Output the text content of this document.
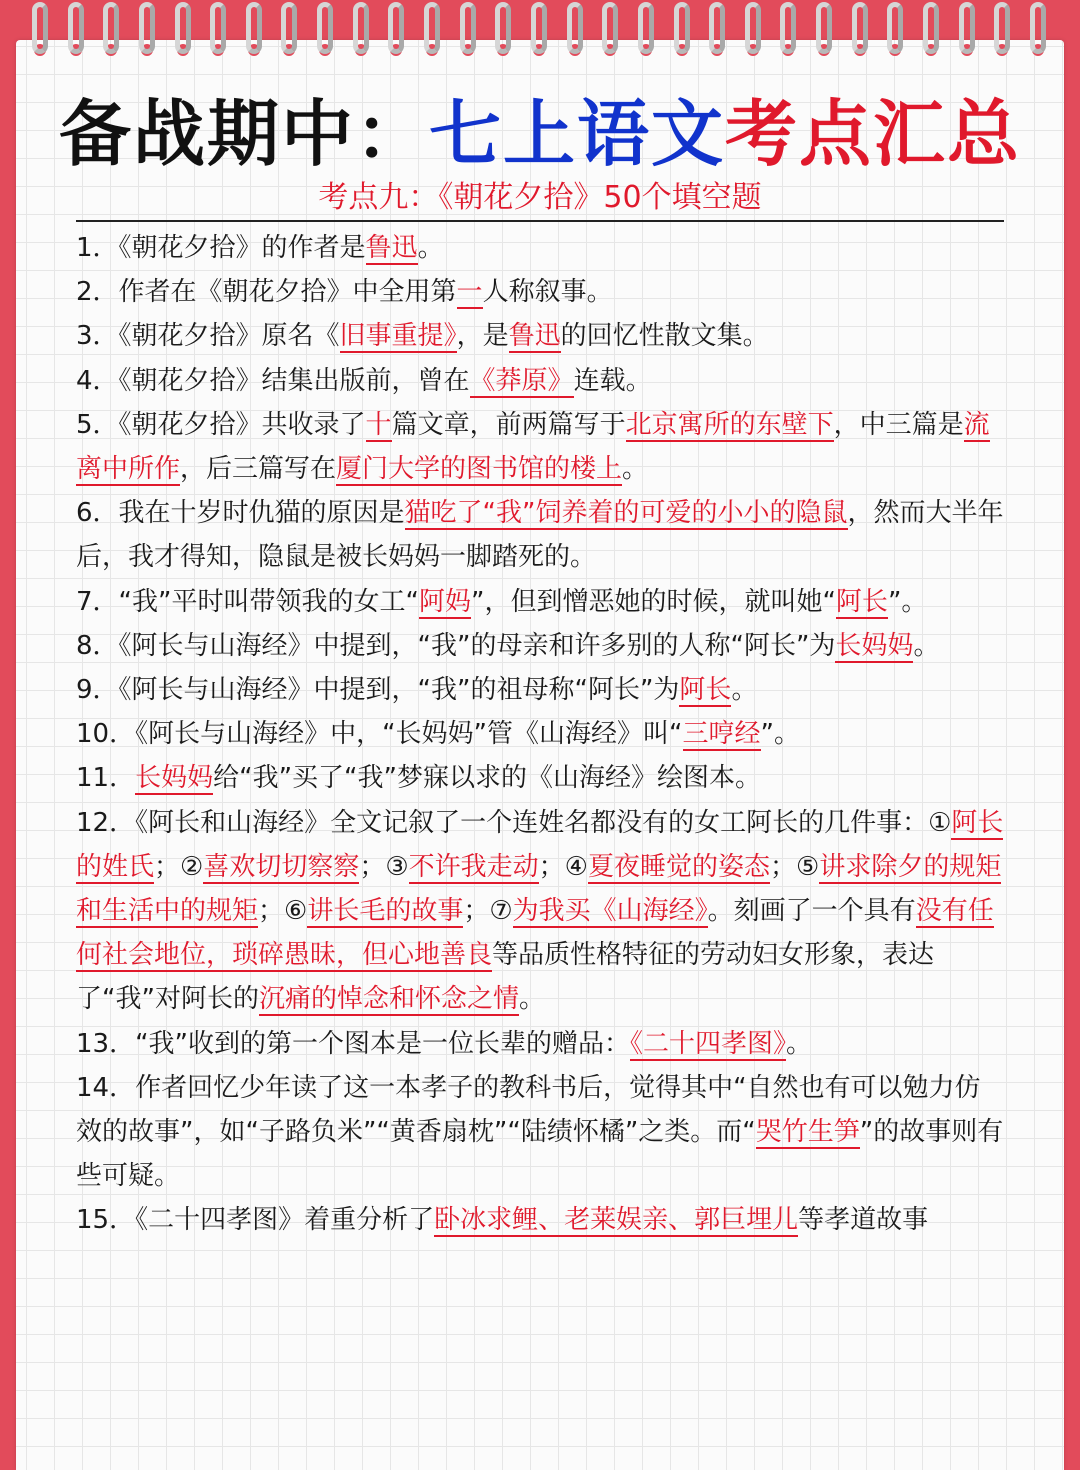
备战期中：七上语文考点汇总
考点九：《朝花夕拾》50个填空题

1．《朝花夕拾》的作者是鲁迅。

2．作者在《朝花夕拾》中全用第一人称叙事。

3．《朝花夕拾》原名《旧事重提》，是鲁迅的回忆性散文集。

4．《朝花夕拾》结集出版前，曾在《莽原》连载。

5．《朝花夕拾》共收录了十篇文章，前两篇写于北京寓所的东壁下，中三篇是流离中所作，后三篇写在厦门大学的图书馆的楼上。

6．我在十岁时仇猫的原因是猫吃了“我”饲养着的可爱的小小的隐鼠，然而大半年后，我才得知，隐鼠是被长妈妈一脚踏死的。

7．“我”平时叫带领我的女工“阿妈”，但到憎恶她的时候，就叫她“阿长”。

8．《阿长与山海经》中提到，“我”的母亲和许多别的人称“阿长”为长妈妈。

9．《阿长与山海经》中提到，“我”的祖母称“阿长”为阿长。

10．《阿长与山海经》中，“长妈妈”管《山海经》叫“三哼经”。

11．长妈妈给“我”买了“我”梦寐以求的《山海经》绘图本。

12．《阿长和山海经》全文记叙了一个连姓名都没有的女工阿长的几件事：①阿长的姓氏；②喜欢切切察察；③不许我走动；④夏夜睡觉的姿态；⑤讲求除夕的规矩和生活中的规矩；⑥讲长毛的故事；⑦为我买《山海经》。刻画了一个具有没有任何社会地位，琐碎愚昧，但心地善良等品质性格特征的劳动妇女形象，表达了“我”对阿长的沉痛的悼念和怀念之情。

13．“我”收到的第一个图本是一位长辈的赠品：《二十四孝图》。

14．作者回忆少年读了这一本孝子的教科书后，觉得其中“自然也有可以勉力仿效的故事”，如“子路负米”“黄香扇枕”“陆绩怀橘”之类。而“哭竹生笋”的故事则有些可疑。

15．《二十四孝图》着重分析了卧冰求鲤、老莱娱亲、郭巨埋儿等孝道故事
